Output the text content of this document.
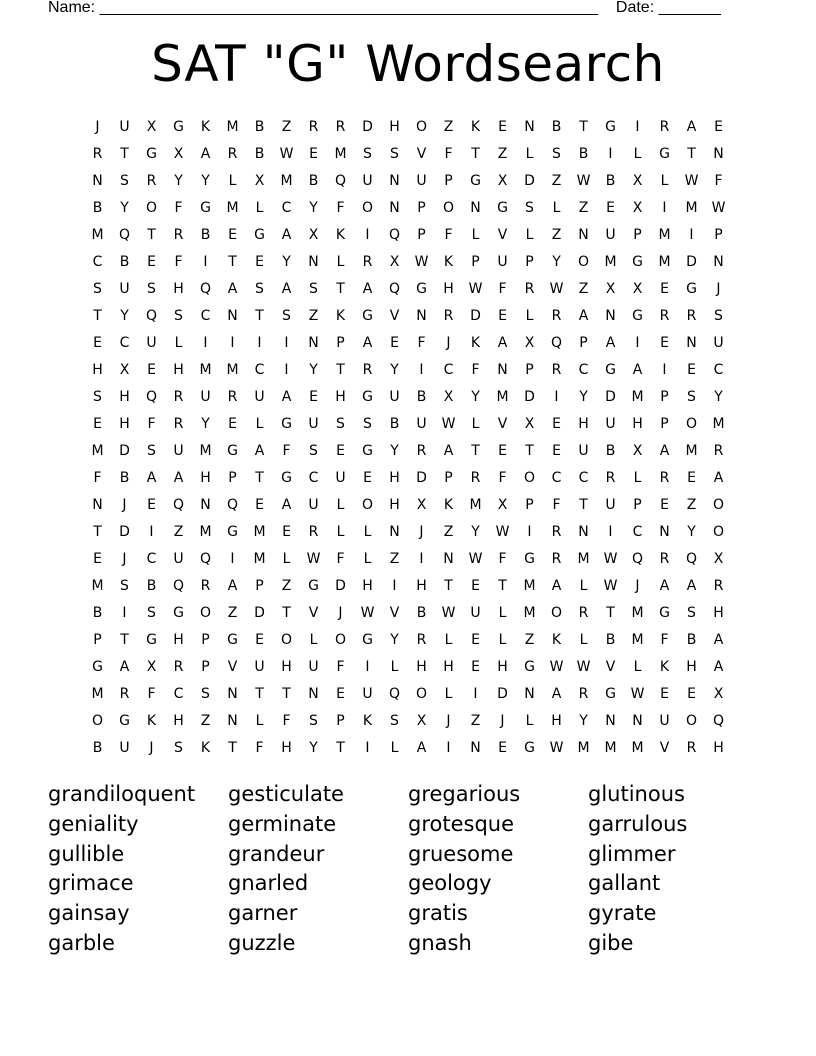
Name: ________________________________________________________ Date: _______
SAT "G" Wordsearch
J	U	X	G	K	M	B	Z	R	R	D	H	O	Z	K	E	N	B	T	G	I	R	A	E
R	T	G	X	A	R	B	W	E	M	S	S	V	F	T	Z	L	S	B	I	L	G	T	N
N	S	R	Y	Y	L	X	M	B	Q	U	N	U	P	G	X	D	Z	W	B	X	L	W	F
B	Y	O	F	G	M	L	C	Y	F	O	N	P	O	N	G	S	L	Z	E	X	I	M	W
M	Q	T	R	B	E	G	A	X	K	I	Q	P	F	L	V	L	Z	N	U	P	M	I	P
C	B	E	F	I	T	E	Y	N	L	R	X	W	K	P	U	P	Y	O	M	G	M	D	N
S	U	S	H	Q	A	S	A	S	T	A	Q	G	H	W	F	R	W	Z	X	X	E	G	J
T	Y	Q	S	C	N	T	S	Z	K	G	V	N	R	D	E	L	R	A	N	G	R	R	S
E	C	U	L	I	I	I	I	N	P	A	E	F	J	K	A	X	Q	P	A	I	E	N	U
H	X	E	H	M	M	C	I	Y	T	R	Y	I	C	F	N	P	R	C	G	A	I	E	C
S	H	Q	R	U	R	U	A	E	H	G	U	B	X	Y	M	D	I	Y	D	M	P	S	Y
E	H	F	R	Y	E	L	G	U	S	S	B	U	W	L	V	X	E	H	U	H	P	O	M
M	D	S	U	M	G	A	F	S	E	G	Y	R	A	T	E	T	E	U	B	X	A	M	R
F	B	A	A	H	P	T	G	C	U	E	H	D	P	R	F	O	C	C	R	L	R	E	A
N	J	E	Q	N	Q	E	A	U	L	O	H	X	K	M	X	P	F	T	U	P	E	Z	O
T	D	I	Z	M	G	M	E	R	L	L	N	J	Z	Y	W	I	R	N	I	C	N	Y	O
E	J	C	U	Q	I	M	L	W	F	L	Z	I	N	W	F	G	R	M	W	Q	R	Q	X
M	S	B	Q	R	A	P	Z	G	D	H	I	H	T	E	T	M	A	L	W	J	A	A	R
B	I	S	G	O	Z	D	T	V	J	W	V	B	W	U	L	M	O	R	T	M	G	S	H
P	T	G	H	P	G	E	O	L	O	G	Y	R	L	E	L	Z	K	L	B	M	F	B	A
G	A	X	R	P	V	U	H	U	F	I	L	H	H	E	H	G	W W	V	L	K	H	A
M	R	F	C	S	N	T	T	N	E	U	Q	O	L	I	D	N	A	R	G	W	E	E	X
O	G	K	H	Z	N	L	F	S	P	K	S	X	J	Z	J	L	H	Y	N	N	U	O	Q
B	U	J	S	K	T	F	H	Y	T	I	L	A	I	N	E	G	W	M	M	M	V	R	H
grandiloquent	gesticulate	gregarious	glutinous
geniality	germinate	grotesque	garrulous
gullible	grandeur	gruesome	glimmer
grimace	gnarled	geology	gallant
gainsay	garner	gratis	gyrate
garble	guzzle	gnash	gibe
